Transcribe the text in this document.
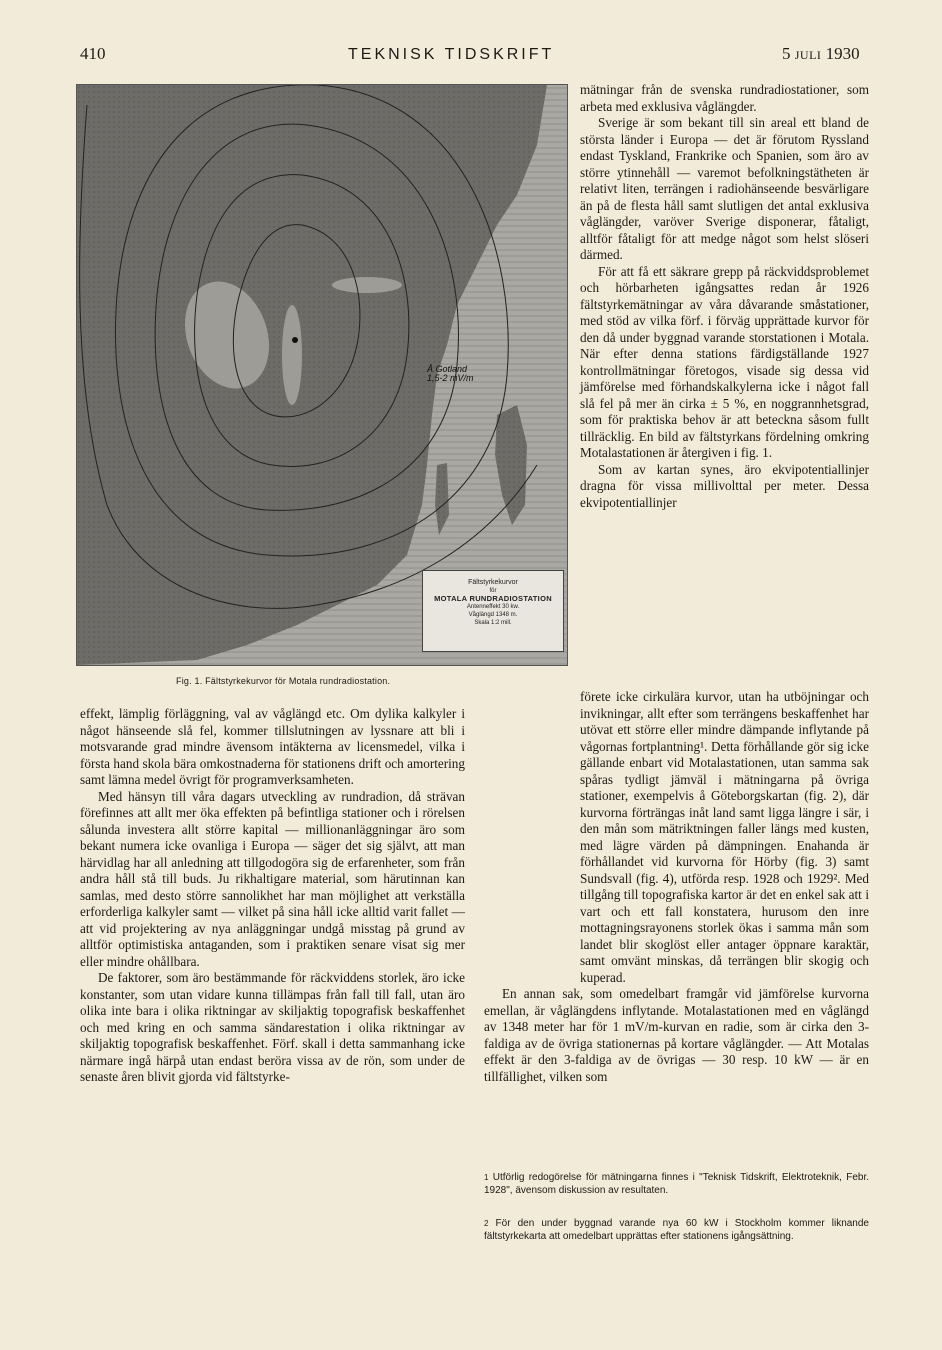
410	TEKNISK TIDSKRIFT	5 JULI 1930
Å Gotland
1,5-2 mV/m
Fältstyrkekurvor
för
MOTALA RUNDRADIOSTATION
Antenneffekt 30 kw.
Våglängd 1348 m.
Skala 1:2 mill.
Fig. 1. Fältstyrkekurvor för Motala rundradiostation.

mätningar från de svenska rundradiostationer, som arbeta med exklusiva våglängder.

Sverige är som bekant till sin areal ett bland de största länder i Europa — det är förutom Ryssland endast Tyskland, Frankrike och Spanien, som äro av större ytinnehåll — varemot befolkningstätheten är relativt liten, terrängen i radiohänseende besvärligare än på de flesta håll samt slutligen det antal exklusiva våglängder, varöver Sverige disponerar, fåtaligt, alltför fåtaligt för att medge något som helst slöseri därmed.

För att få ett säkrare grepp på räckviddsproblemet och hörbarheten igångsattes redan år 1926 fältstyrkemätningar av våra dåvarande småstationer, med stöd av vilka förf. i förväg upprättade kurvor för den då under byggnad varande storstationen i Motala. När efter denna stations färdigställande 1927 kontrollmätningar företogos, visade sig dessa vid jämförelse med förhandskalkylerna icke i något fall slå fel på mer än cirka ± 5 %, en noggrannhetsgrad, som för praktiska behov är att beteckna såsom fullt tillräcklig. En bild av fältstyrkans fördelning omkring Motalastationen är återgiven i fig. 1.

Som av kartan synes, äro ekvipotentiallinjer dragna för vissa millivolttal per meter. Dessa ekvipotentiallinjer

effekt, lämplig förläggning, val av våglängd etc. Om dylika kalkyler i något hänseende slå fel, kommer tillslutningen av lyssnare att bli i motsvarande grad mindre ävensom intäkterna av licensmedel, vilka i första hand skola bära omkostnaderna för stationens drift och amortering samt lämna medel övrigt för programverksamheten.

Med hänsyn till våra dagars utveckling av rundradion, då strävan förefinnes att allt mer öka effekten på befintliga stationer och i rörelsen sålunda investera allt större kapital — millionanläggningar äro som bekant numera icke ovanliga i Europa — säger det sig självt, att man härvidlag har all anledning att tillgodogöra sig de erfarenheter, som från andra håll stå till buds. Ju rikhaltigare material, som härutinnan kan samlas, med desto större sannolikhet har man möjlighet att verkställa erforderliga kalkyler samt — vilket på sina håll icke alltid varit fallet — att vid projektering av nya anläggningar undgå misstag på grund av alltför optimistiska antaganden, som i praktiken senare visat sig mer eller mindre ohållbara.

De faktorer, som äro bestämmande för räckviddens storlek, äro icke konstanter, som utan vidare kunna tillämpas från fall till fall, utan äro olika inte bara i olika riktningar av skiljaktig topografisk beskaffenhet och med kring en och samma sändarestation i olika riktningar av skiljaktig topografisk beskaffenhet. Förf. skall i detta sammanhang icke närmare ingå härpå utan endast beröra vissa av de rön, som under de senaste åren blivit gjorda vid fältstyrke-

förete icke cirkulära kurvor, utan ha utböjningar och invikningar, allt efter som terrängens beskaffenhet har utövat ett större eller mindre dämpande inflytande på vågornas fortplantning¹. Detta förhållande gör sig icke gällande enbart vid Motalastationen, utan samma sak spåras tydligt jämväl i mätningarna på övriga stationer, exempelvis å Göteborgskartan (fig. 2), där kurvorna förträngas inåt land samt ligga längre i sär, i den mån som mätriktningen faller längs med kusten, med lägre värden på dämpningen. Enahanda är förhållandet vid kurvorna för Hörby (fig. 3) samt Sundsvall (fig. 4), utförda resp. 1928 och 1929². Med tillgång till topografiska kartor är det en enkel sak att i vart och ett fall konstatera, hurusom den inre mottagningsrayonens storlek ökas i samma mån som landet blir skoglöst eller antager öppnare karaktär, samt omvänt minskas, då terrängen blir skogig och kuperad.

En annan sak, som omedelbart framgår vid jämförelse kurvorna emellan, är våglängdens inflytande. Motalastationen med en våglängd av 1348 meter har för 1 mV/m-kurvan en radie, som är cirka den 3-faldiga av de övriga stationernas på kortare våglängder. — Att Motalas effekt är den 3-faldiga av de övrigas — 30 resp. 10 kW — är en tillfällighet, vilken som

1 Utförlig redogörelse för mätningarna finnes i "Teknisk Tidskrift, Elektroteknik, Febr. 1928", ävensom diskussion av resultaten.
2 För den under byggnad varande nya 60 kW i Stockholm kommer liknande fältstyrkekarta att omedelbart upprättas efter stationens igångsättning.
